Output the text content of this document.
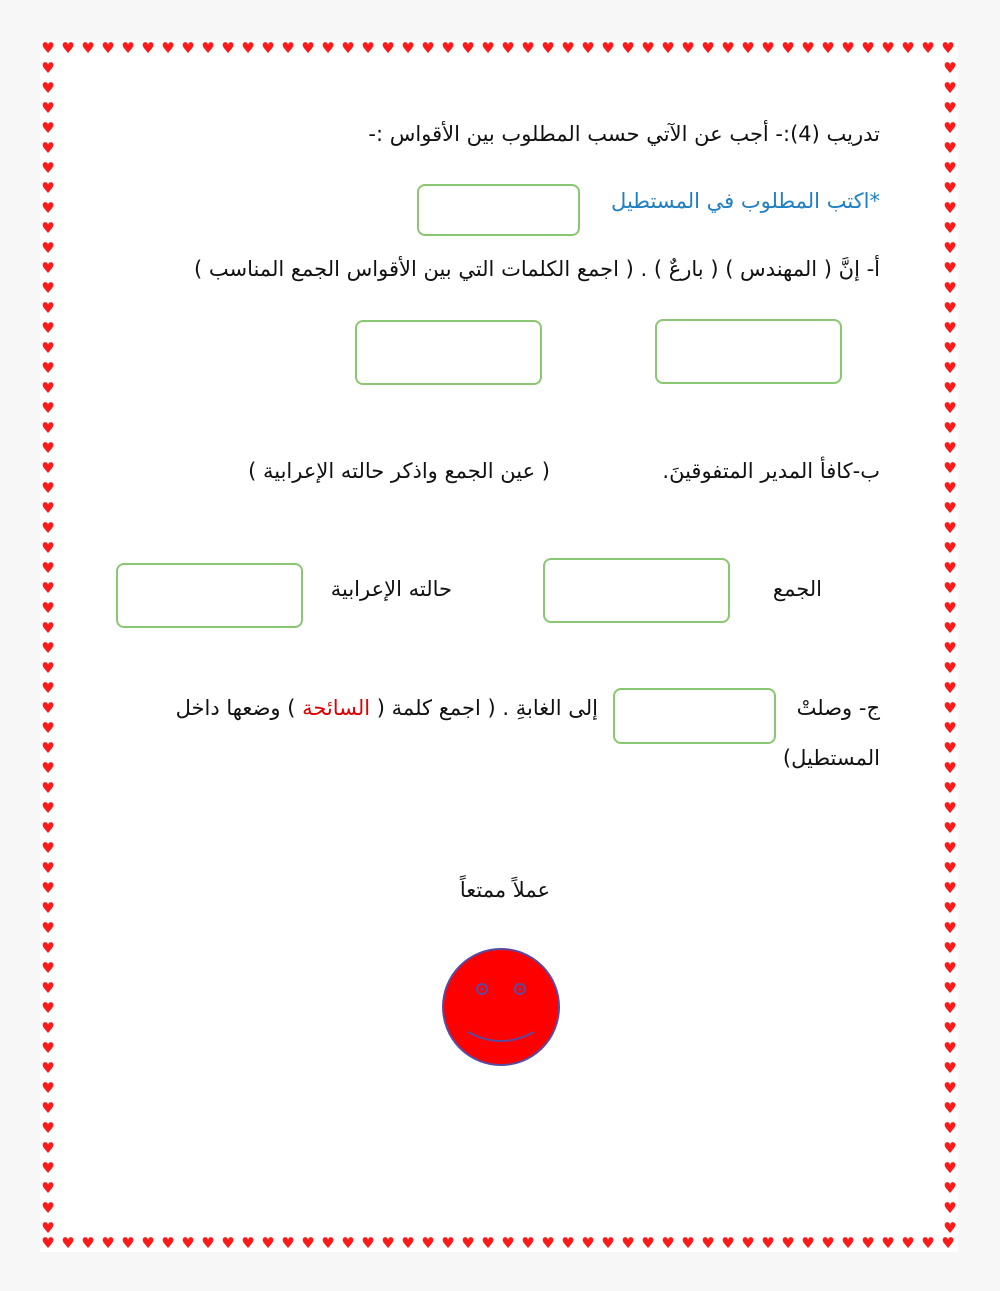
♥
♥
♥
♥
♥
♥
♥
♥
♥
♥
♥
♥
♥
♥
♥
♥
♥
♥
♥
♥
♥
♥
♥
♥
♥
♥
♥
♥
♥
♥
♥
♥
♥
♥
♥
♥
♥
♥
♥
♥
♥
♥
♥
♥
♥
♥
♥
♥
♥
♥
♥
♥
♥
♥
♥
♥
♥
♥
♥
♥
♥
♥
♥
♥
♥
♥
♥
♥
♥
♥
♥
♥
♥
♥
♥
♥
♥
♥
♥
♥
♥
♥
♥
♥
♥
♥
♥
♥
♥
♥
♥
♥
♥	♥
♥	♥
♥	♥
♥	♥
♥	♥
♥	♥
♥	♥
♥	♥
♥	♥
♥	♥
♥	♥
♥	♥
♥	♥
♥	♥
♥	♥
♥	♥
♥	♥
♥	♥
♥	♥
♥	♥
♥	♥
♥	♥
♥	♥
♥	♥
♥	♥
♥	♥
♥	♥
♥	♥
♥	♥
♥	♥
♥	♥
♥	♥
♥	♥
♥	♥
♥	♥
♥	♥
♥	♥
♥	♥
♥	♥
♥	♥
♥	♥
♥	♥
♥	♥
♥	♥
♥	♥
♥	♥
♥	♥
♥	♥
♥	♥
♥	♥
♥	♥
♥	♥
♥	♥
♥	♥
♥	♥
♥	♥
♥	♥
♥	♥
♥	♥
تدريب (4):- أجب عن الآتي حسب المطلوب بين الأقواس :-
*اكتب المطلوب في المستطيل
أ- إنَّ ( المهندس ) ( بارعٌ ) . ( اجمع الكلمات التي بين الأقواس الجمع المناسب )
ب-كافأ المدير المتفوقينَ.
( عين الجمع واذكر حالته الإعرابية )
الجمع
حالته الإعرابية
ج- وصلتْ
إلى الغابةِ . ( اجمع كلمة ( السائحة ) وضعها داخل
المستطيل)
عملاً ممتعاً
